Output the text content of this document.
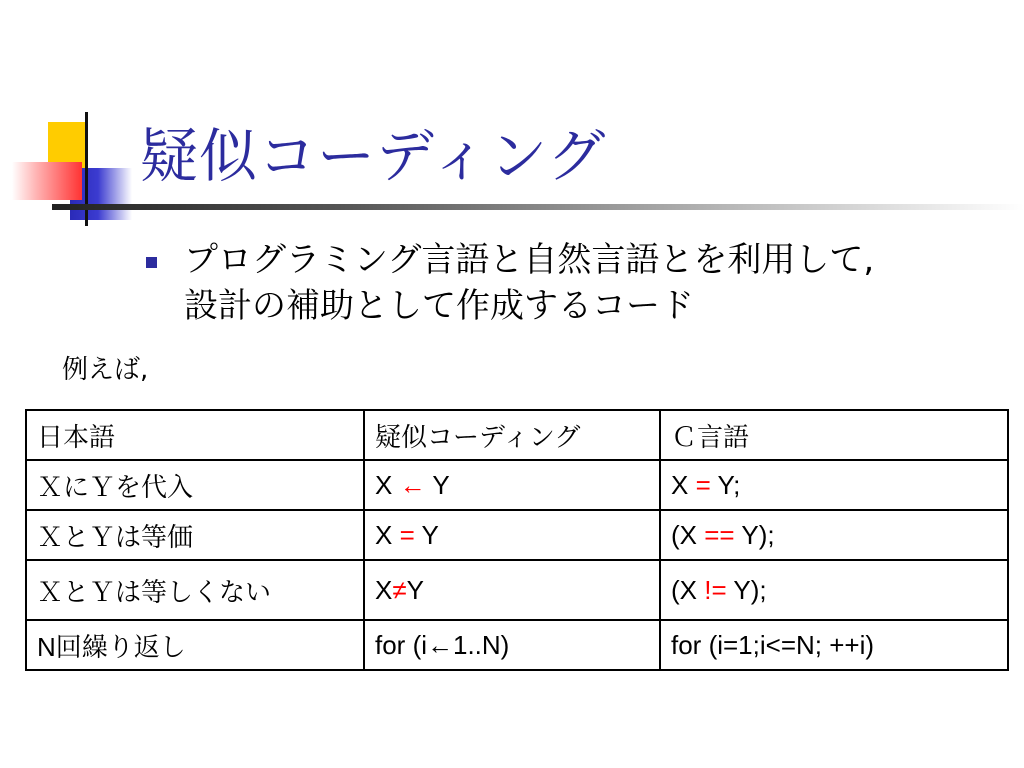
疑似コーディング
プログラミング言語と自然言語とを利用して,
設計の補助として作成するコード
例えば,
日本語	疑似コーディング	Ｃ言語
ＸにＹを代入	X ← Y	X = Y;
ＸとＹは等価	X = Y	(X == Y);
ＸとＹは等しくない	X≠Y	(X != Y);
N回繰り返し	for (i←1..N)	for (i=1;i<=N; ++i)
